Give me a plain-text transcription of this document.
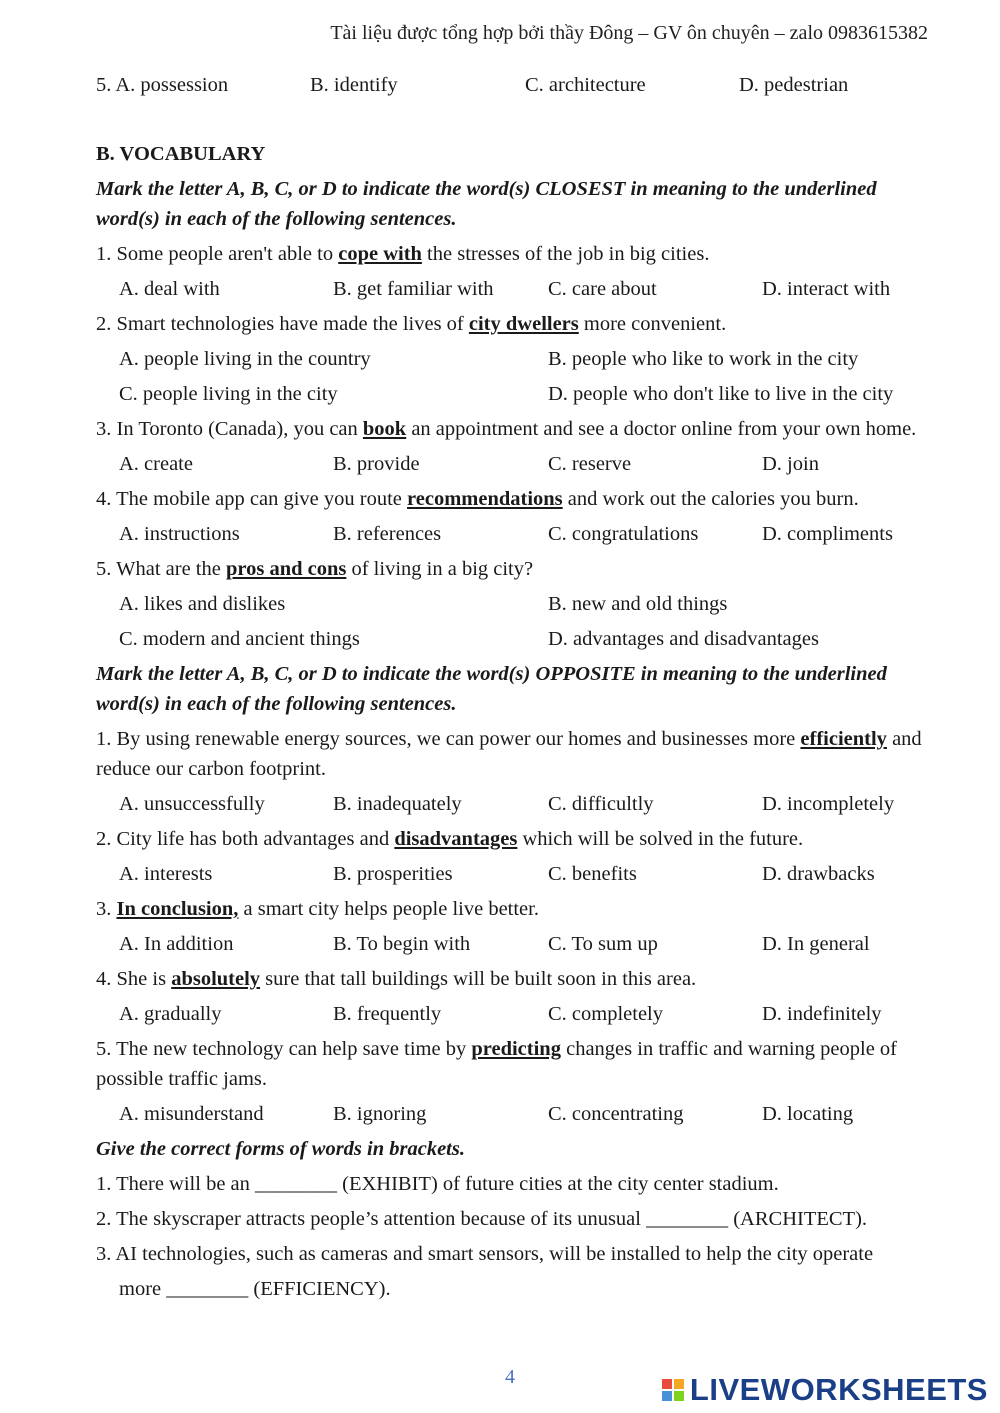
Tài liệu được tổng hợp bởi thầy Đông – GV ôn chuyên – zalo 0983615382
5. A. possession	B. identify	C. architecture	D. pedestrian
B. VOCABULARY
Mark the letter A, B, C, or D to indicate the word(s) CLOSEST in meaning to the underlined word(s) in each of the following sentences.
1. Some people aren't able to cope with the stresses of the job in big cities.
A. deal with	B. get familiar with	C. care about	D. interact with
2. Smart technologies have made the lives of city dwellers more convenient.
A. people living in the country	B. people who like to work in the city
C. people living in the city	D. people who don't like to live in the city
3. In Toronto (Canada), you can book an appointment and see a doctor online from your own home.
A. create	B. provide	C. reserve	D. join
4. The mobile app can give you route recommendations and work out the calories you burn.
A. instructions	B. references	C. congratulations	D. compliments
5. What are the pros and cons of living in a big city?
A. likes and dislikes	B. new and old things
C. modern and ancient things	D. advantages and disadvantages
Mark the letter A, B, C, or D to indicate the word(s) OPPOSITE in meaning to the underlined word(s) in each of the following sentences.
1. By using renewable energy sources, we can power our homes and businesses more efficiently and reduce our carbon footprint.
A. unsuccessfully	B. inadequately	C. difficultly	D. incompletely
2. City life has both advantages and disadvantages which will be solved in the future.
A. interests	B. prosperities	C. benefits	D. drawbacks
3. In conclusion, a smart city helps people live better.
A. In addition	B. To begin with	C. To sum up	D. In general
4. She is absolutely sure that tall buildings will be built soon in this area.
A. gradually	B. frequently	C. completely	D. indefinitely
5. The new technology can help save time by predicting changes in traffic and warning people of possible traffic jams.
A. misunderstand	B. ignoring	C. concentrating	D. locating
Give the correct forms of words in brackets.
1. There will be an ________ (EXHIBIT) of future cities at the city center stadium.
2. The skyscraper attracts people’s attention because of its unusual ________ (ARCHITECT).
3. AI technologies, such as cameras and smart sensors, will be installed to help the city operate
more ________ (EFFICIENCY).
4	LIVEWORKSHEETS
